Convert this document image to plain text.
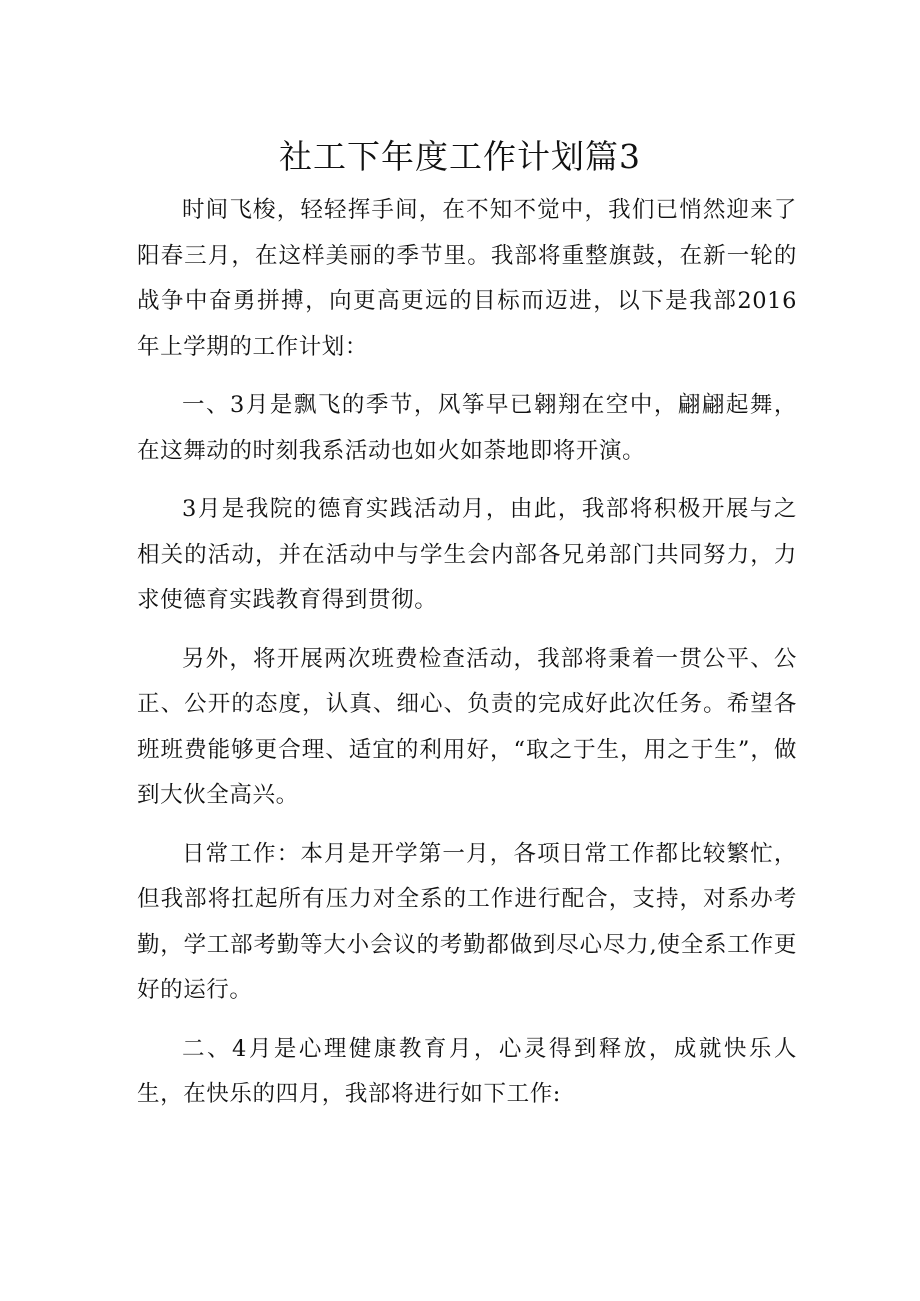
社工下年度工作计划篇3

时间飞梭，轻轻挥手间，在不知不觉中，我们已悄然迎来了阳春三月，在这样美丽的季节里。我部将重整旗鼓，在新一轮的战争中奋勇拼搏，向更高更远的目标而迈进，以下是我部2016年上学期的工作计划：

一、3月是飘飞的季节，风筝早已翱翔在空中，翩翩起舞，在这舞动的时刻我系活动也如火如荼地即将开演。

3月是我院的德育实践活动月，由此，我部将积极开展与之相关的活动，并在活动中与学生会内部各兄弟部门共同努力，力求使德育实践教育得到贯彻。

另外，将开展两次班费检查活动，我部将秉着一贯公平、公正、公开的态度，认真、细心、负责的完成好此次任务。希望各班班费能够更合理、适宜的利用好，“取之于生，用之于生”，做到大伙全高兴。

日常工作：本月是开学第一月，各项日常工作都比较繁忙，但我部将扛起所有压力对全系的工作进行配合，支持，对系办考勤，学工部考勤等大小会议的考勤都做到尽心尽力,使全系工作更好的运行。

二、4月是心理健康教育月，心灵得到释放，成就快乐人生，在快乐的四月，我部将进行如下工作:
